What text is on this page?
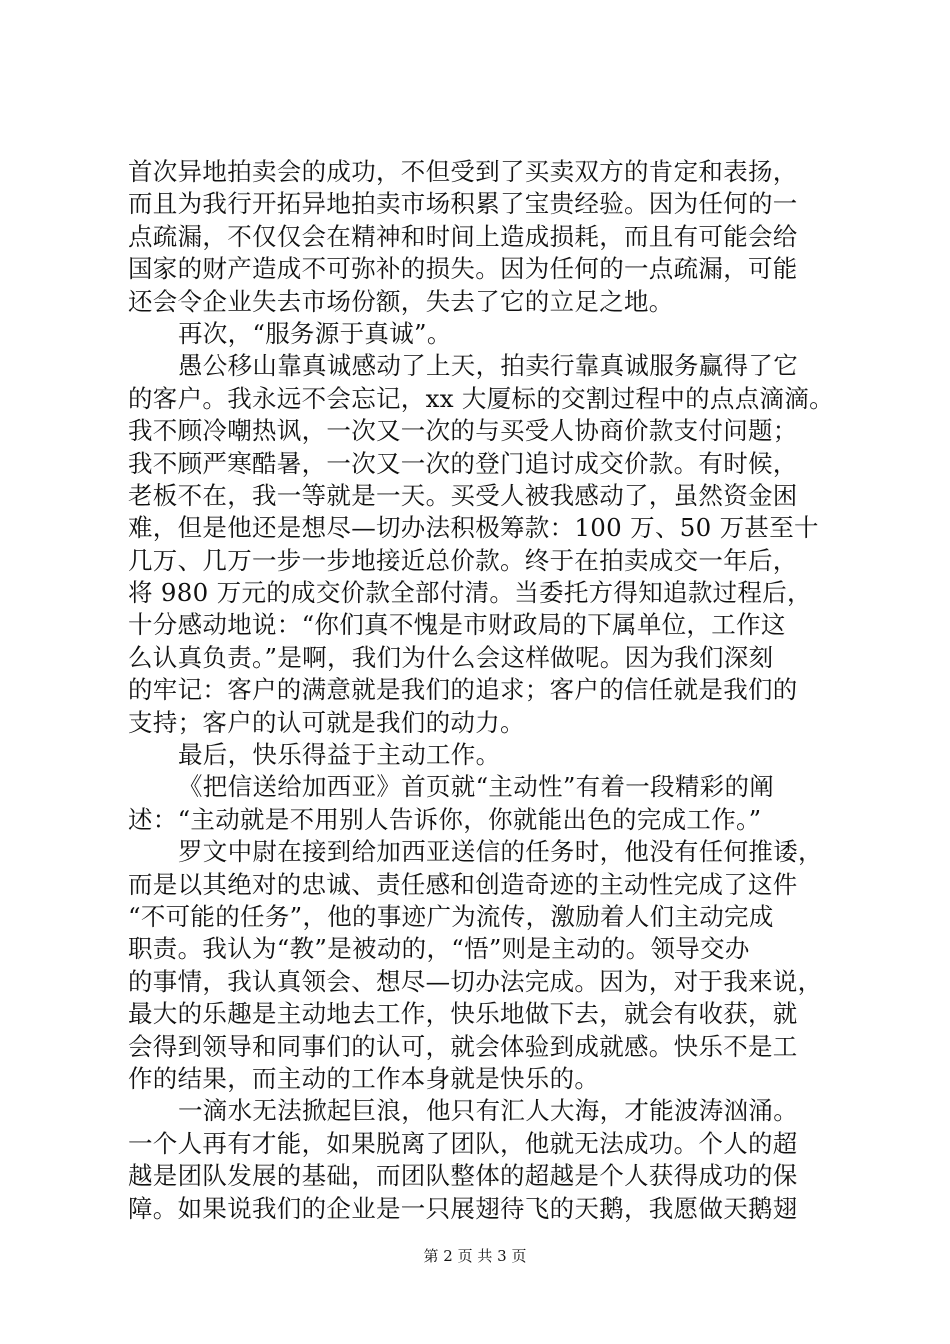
首次异地拍卖会的成功，不但受到了买卖双方的肯定和表扬，
而且为我行开拓异地拍卖市场积累了宝贵经验。因为任何的一
点疏漏，不仅仅会在精神和时间上造成损耗，而且有可能会给
国家的财产造成不可弥补的损失。因为任何的一点疏漏，可能
还会令企业失去市场份额，失去了它的立足之地。
再次，“服务源于真诚”。
愚公移山靠真诚感动了上天，拍卖行靠真诚服务赢得了它
的客户。我永远不会忘记，xx 大厦标的交割过程中的点点滴滴。
我不顾冷嘲热讽，一次又一次的与买受人协商价款支付问题；
我不顾严寒酷暑，一次又一次的登门追讨成交价款。有时候，
老板不在，我一等就是一天。买受人被我感动了，虽然资金困
难，但是他还是想尽—切办法积极筹款：100 万、50 万甚至十
几万、几万一步一步地接近总价款。终于在拍卖成交一年后，
将 980 万元的成交价款全部付清。当委托方得知追款过程后，
十分感动地说：“你们真不愧是市财政局的下属单位，工作这
么认真负责。”是啊，我们为什么会这样做呢。因为我们深刻
的牢记：客户的满意就是我们的追求；客户的信任就是我们的
支持；客户的认可就是我们的动力。
最后，快乐得益于主动工作。
《把信送给加西亚》首页就“主动性”有着一段精彩的阐
述：“主动就是不用别人告诉你，你就能出色的完成工作。”
罗文中尉在接到给加西亚送信的任务时，他没有任何推诿，
而是以其绝对的忠诚、责任感和创造奇迹的主动性完成了这件
“不可能的任务”，他的事迹广为流传，激励着人们主动完成
职责。我认为“教”是被动的，“悟”则是主动的。领导交办
的事情，我认真领会、想尽—切办法完成。因为，对于我来说，
最大的乐趣是主动地去工作，快乐地做下去，就会有收获，就
会得到领导和同事们的认可，就会体验到成就感。快乐不是工
作的结果，而主动的工作本身就是快乐的。
一滴水无法掀起巨浪，他只有汇人大海，才能波涛汹涌。
一个人再有才能，如果脱离了团队，他就无法成功。个人的超
越是团队发展的基础，而团队整体的超越是个人获得成功的保
障。如果说我们的企业是一只展翅待飞的天鹅，我愿做天鹅翅
第 2 页 共 3 页
